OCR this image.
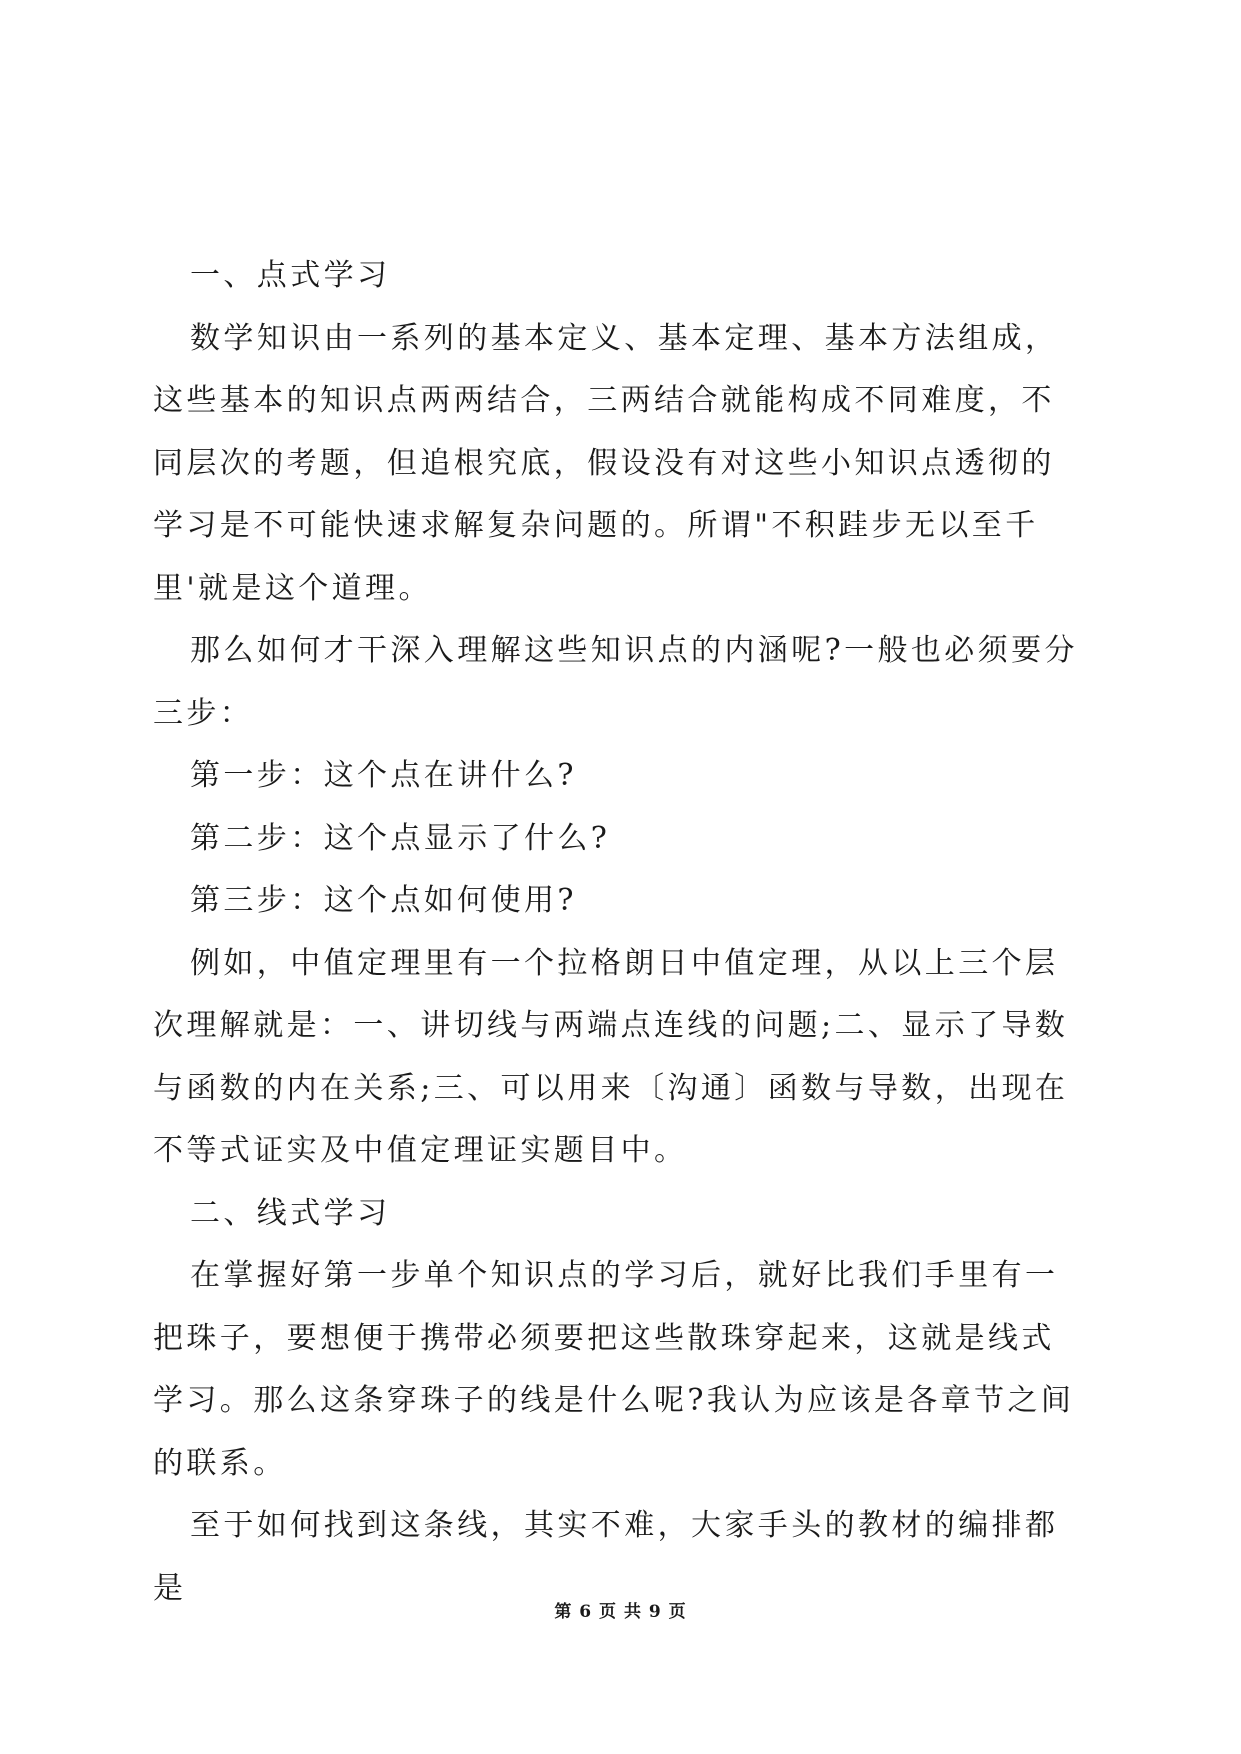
一、点式学习

数学知识由一系列的基本定义、基本定理、基本方法组成，这些基本的知识点两两结合，三两结合就能构成不同难度，不同层次的考题，但追根究底，假设没有对这些小知识点透彻的学习是不可能快速求解复杂问题的。所谓"不积跬步无以至千里'就是这个道理。

那么如何才干深入理解这些知识点的内涵呢?一般也必须要分三步：

第一步：这个点在讲什么?

第二步：这个点显示了什么?

第三步：这个点如何使用?

例如，中值定理里有一个拉格朗日中值定理，从以上三个层次理解就是：一、讲切线与两端点连线的问题;二、显示了导数与函数的内在关系;三、可以用来〔沟通〕函数与导数，出现在不等式证实及中值定理证实题目中。

二、线式学习

在掌握好第一步单个知识点的学习后，就好比我们手里有一把珠子，要想便于携带必须要把这些散珠穿起来，这就是线式学习。那么这条穿珠子的线是什么呢?我认为应该是各章节之间的联系。

至于如何找到这条线，其实不难，大家手头的教材的编排都是

第 6 页 共 9 页
